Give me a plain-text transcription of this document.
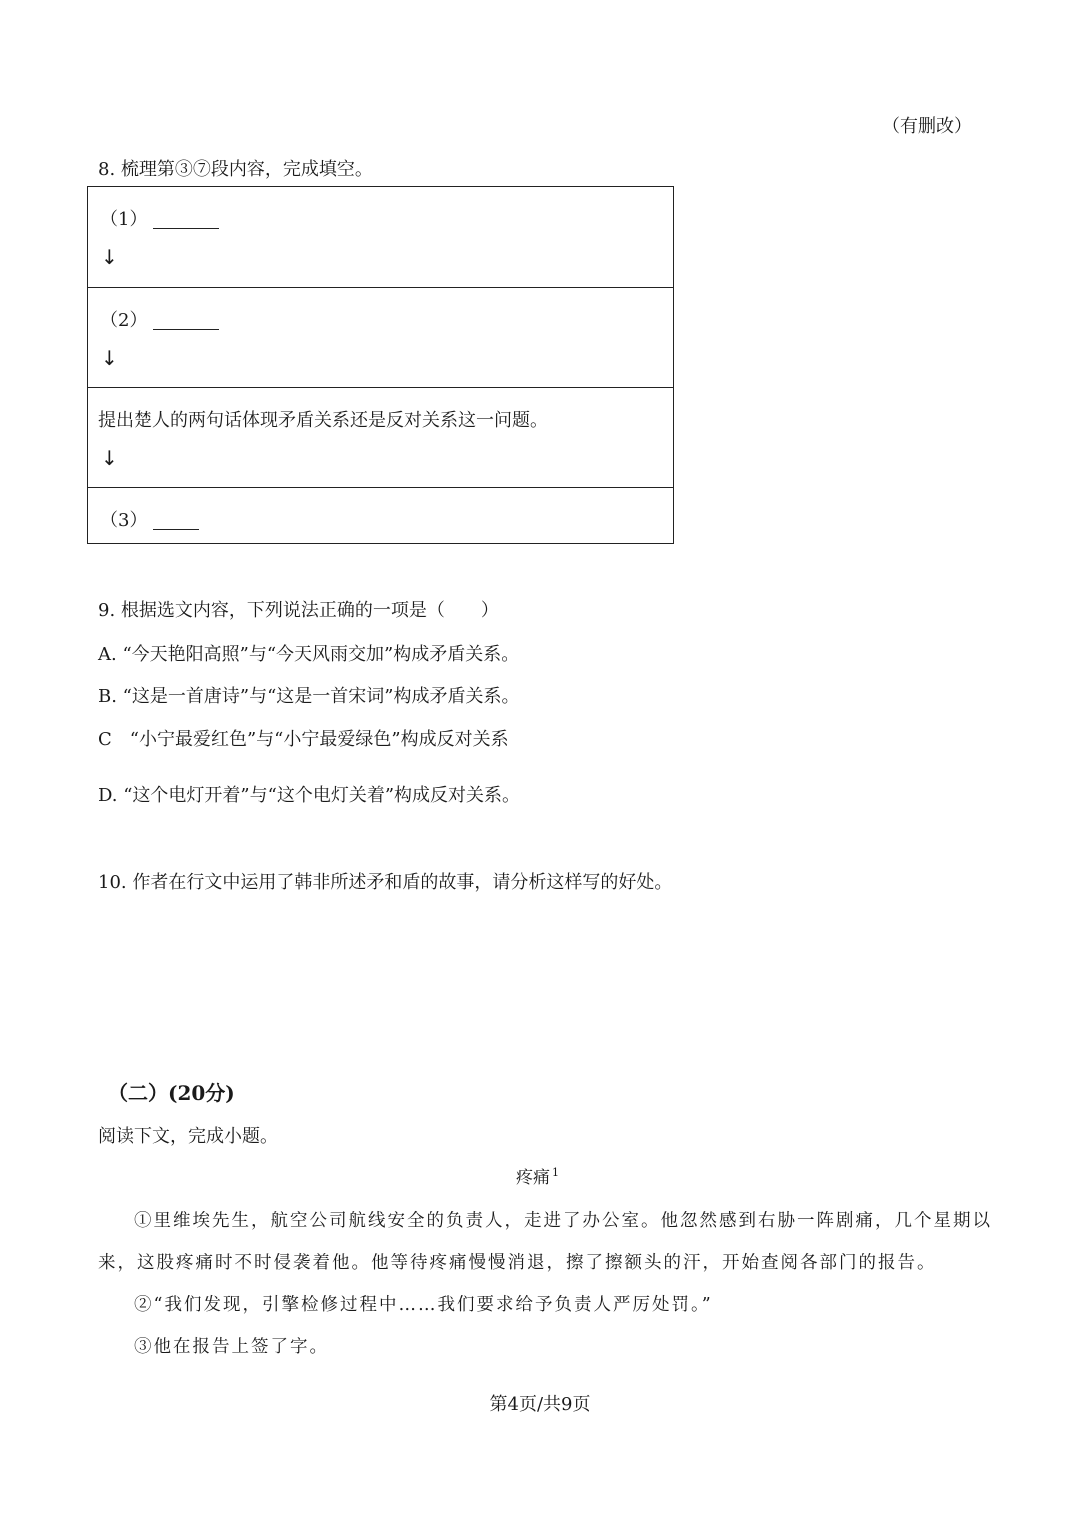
（有删改）
8. 梳理第③⑦段内容，完成填空。
（1）
↓
（2）
↓
提出楚人的两句话体现矛盾关系还是反对关系这一问题。
↓
（3）
9. 根据选文内容，下列说法正确的一项是（　　）
A. “今天艳阳高照”与“今天风雨交加”构成矛盾关系。
B. “这是一首唐诗”与“这是一首宋词”构成矛盾关系。
C　“小宁最爱红色”与“小宁最爱绿色”构成反对关系
D. “这个电灯开着”与“这个电灯关着”构成反对关系。
10. 作者在行文中运用了韩非所述矛和盾的故事，请分析这样写的好处。
（二）(20分)
阅读下文，完成小题。
疼痛 $^1$
①里维埃先生，航空公司航线安全的负责人，走进了办公室。他忽然感到右胁一阵剧痛，几个星期以
来，这股疼痛时不时侵袭着他。他等待疼痛慢慢消退，擦了擦额头的汗，开始查阅各部门的报告。
②“我们发现，引擎检修过程中……我们要求给予负责人严厉处罚。”
③他在报告上签了字。
第4页/共9页
